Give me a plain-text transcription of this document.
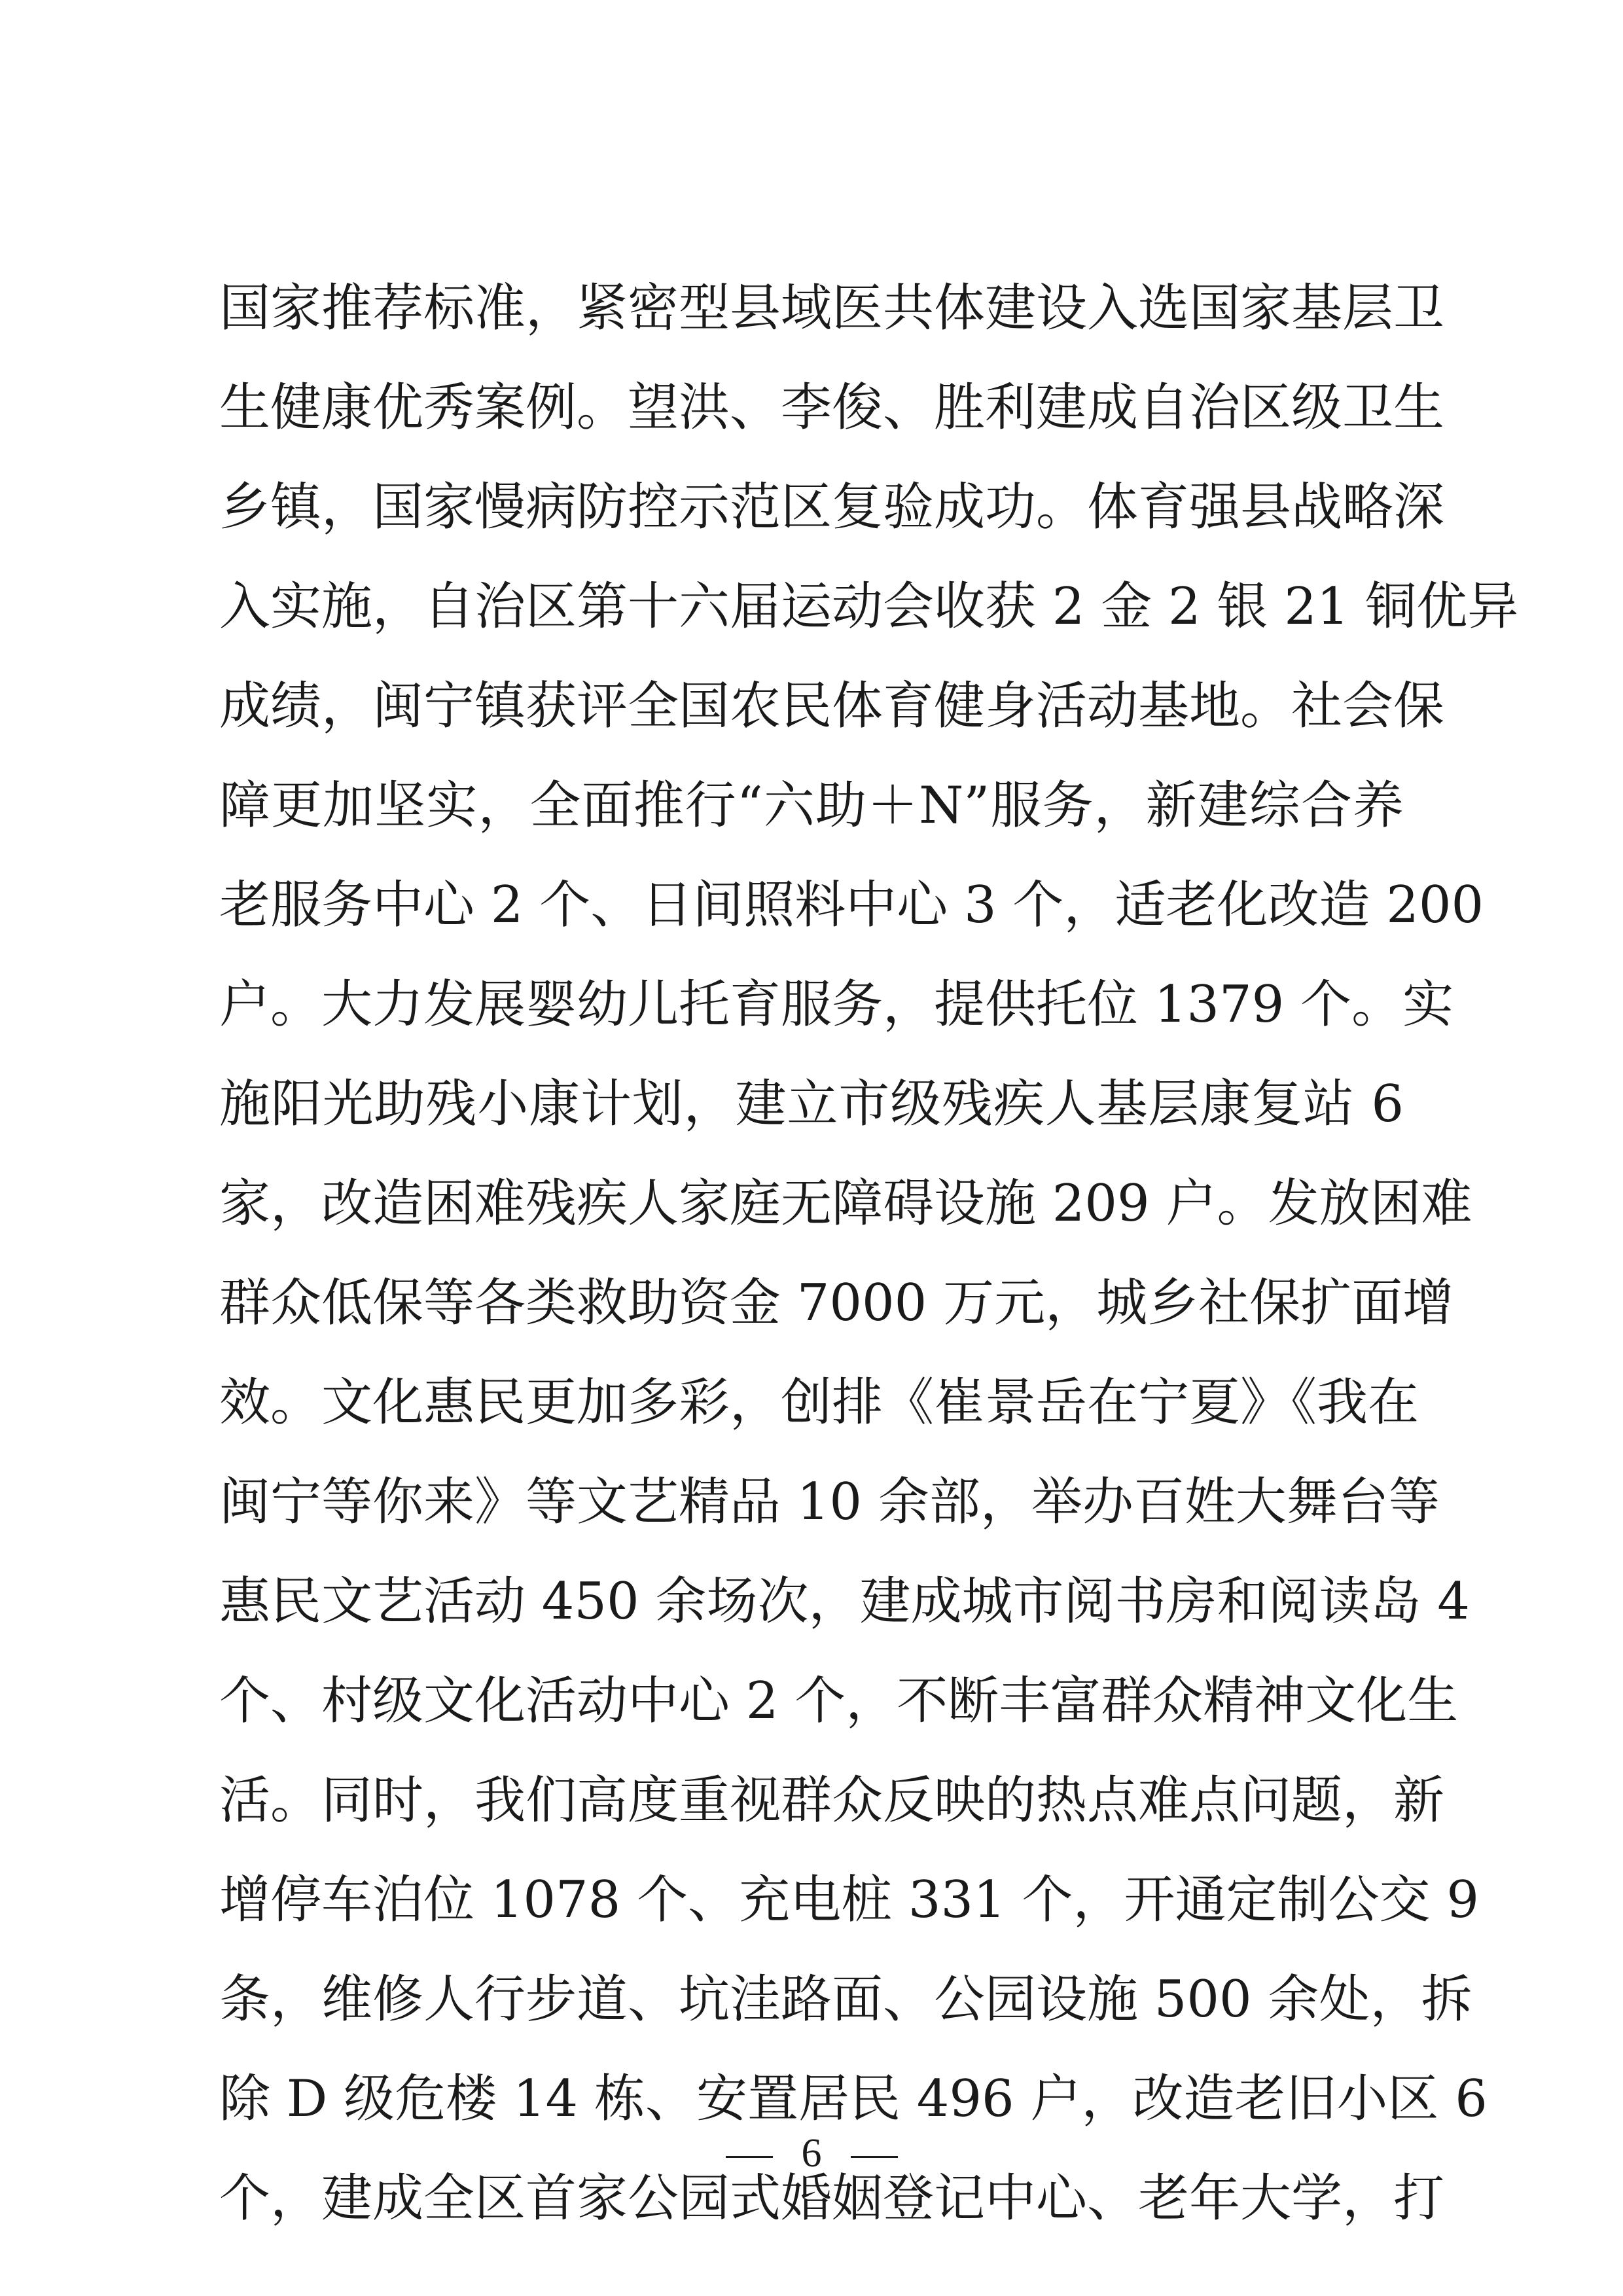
国家推荐标准，紧密型县域医共体建设入选国家基层卫
生健康优秀案例。望洪、李俊、胜利建成自治区级卫生
乡镇，国家慢病防控示范区复验成功。体育强县战略深
入实施，自治区第十六届运动会收获 2 金 2 银 21 铜优异
成绩，闽宁镇获评全国农民体育健身活动基地。社会保
障更加坚实，全面推行“六助＋N”服务，新建综合养
老服务中心 2 个、日间照料中心 3 个，适老化改造 200
户。大力发展婴幼儿托育服务，提供托位 1379 个。实
施阳光助残小康计划，建立市级残疾人基层康复站 6
家，改造困难残疾人家庭无障碍设施 209 户。发放困难
群众低保等各类救助资金 7000 万元，城乡社保扩面增
效。文化惠民更加多彩，创排《崔景岳在宁夏》《我在
闽宁等你来》等文艺精品 10 余部，举办百姓大舞台等
惠民文艺活动 450 余场次，建成城市阅书房和阅读岛 4
个、村级文化活动中心 2 个，不断丰富群众精神文化生
活。同时，我们高度重视群众反映的热点难点问题，新
增停车泊位 1078 个、充电桩 331 个，开通定制公交 9
条，维修人行步道、坑洼路面、公园设施 500 余处，拆
除 D 级危楼 14 栋、安置居民 496 户，改造老旧小区 6
个，建成全区首家公园式婚姻登记中心、老年大学，打
6
